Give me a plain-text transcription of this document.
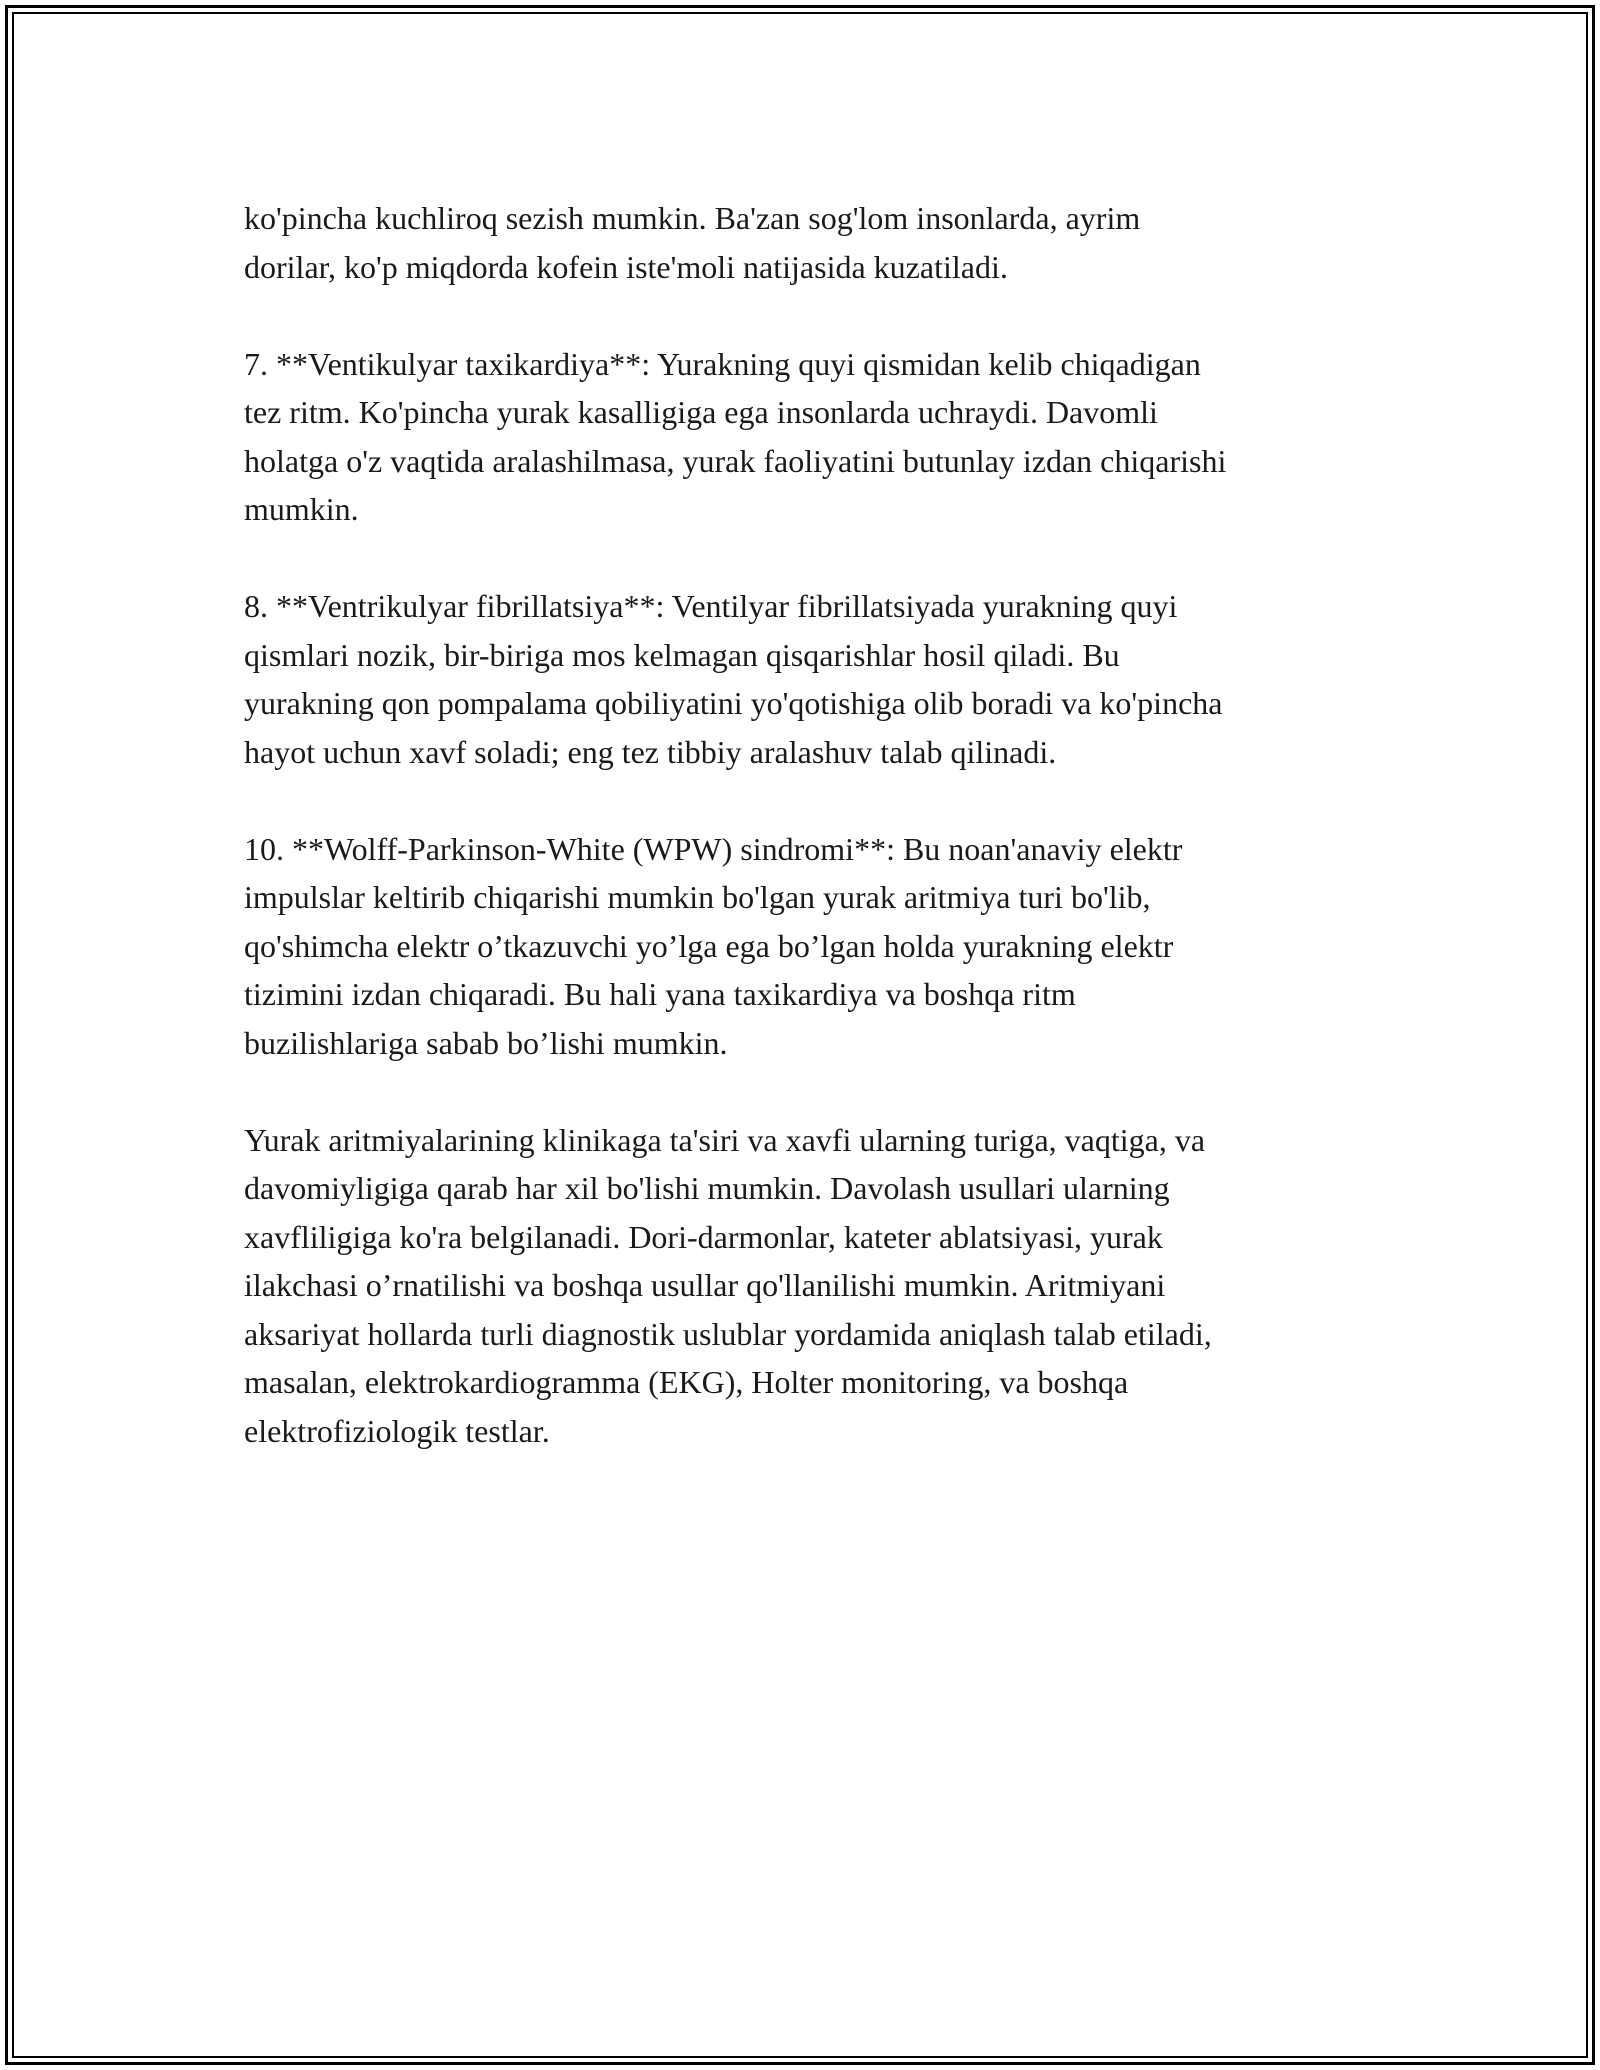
ko'pincha kuchliroq sezish mumkin. Ba'zan sog'lom insonlarda, ayrim
dorilar, ko'p miqdorda kofein iste'moli natijasida kuzatiladi.

7. **Ventikulyar taxikardiya**: Yurakning quyi qismidan kelib chiqadigan
tez ritm. Ko'pincha yurak kasalligiga ega insonlarda uchraydi. Davomli
holatga o'z vaqtida aralashilmasa, yurak faoliyatini butunlay izdan chiqarishi
mumkin.

8. **Ventrikulyar fibrillatsiya**: Ventilyar fibrillatsiyada yurakning quyi
qismlari nozik, bir-biriga mos kelmagan qisqarishlar hosil qiladi. Bu
yurakning qon pompalama qobiliyatini yo'qotishiga olib boradi va ko'pincha
hayot uchun xavf soladi; eng tez tibbiy aralashuv talab qilinadi.

10. **Wolff-Parkinson-White (WPW) sindromi**: Bu noan'anaviy elektr
impulslar keltirib chiqarishi mumkin bo'lgan yurak aritmiya turi bo'lib,
qo'shimcha elektr o’tkazuvchi yo’lga ega bo’lgan holda yurakning elektr
tizimini izdan chiqaradi. Bu hali yana taxikardiya va boshqa ritm
buzilishlariga sabab bo’lishi mumkin.

Yurak aritmiyalarining klinikaga ta'siri va xavfi ularning turiga, vaqtiga, va
davomiyligiga qarab har xil bo'lishi mumkin. Davolash usullari ularning
xavfliligiga ko'ra belgilanadi. Dori-darmonlar, kateter ablatsiyasi, yurak
ilakchasi o’rnatilishi va boshqa usullar qo'llanilishi mumkin. Aritmiyani
aksariyat hollarda turli diagnostik uslublar yordamida aniqlash talab etiladi,
masalan, elektrokardiogramma (EKG), Holter monitoring, va boshqa
elektrofiziologik testlar.
